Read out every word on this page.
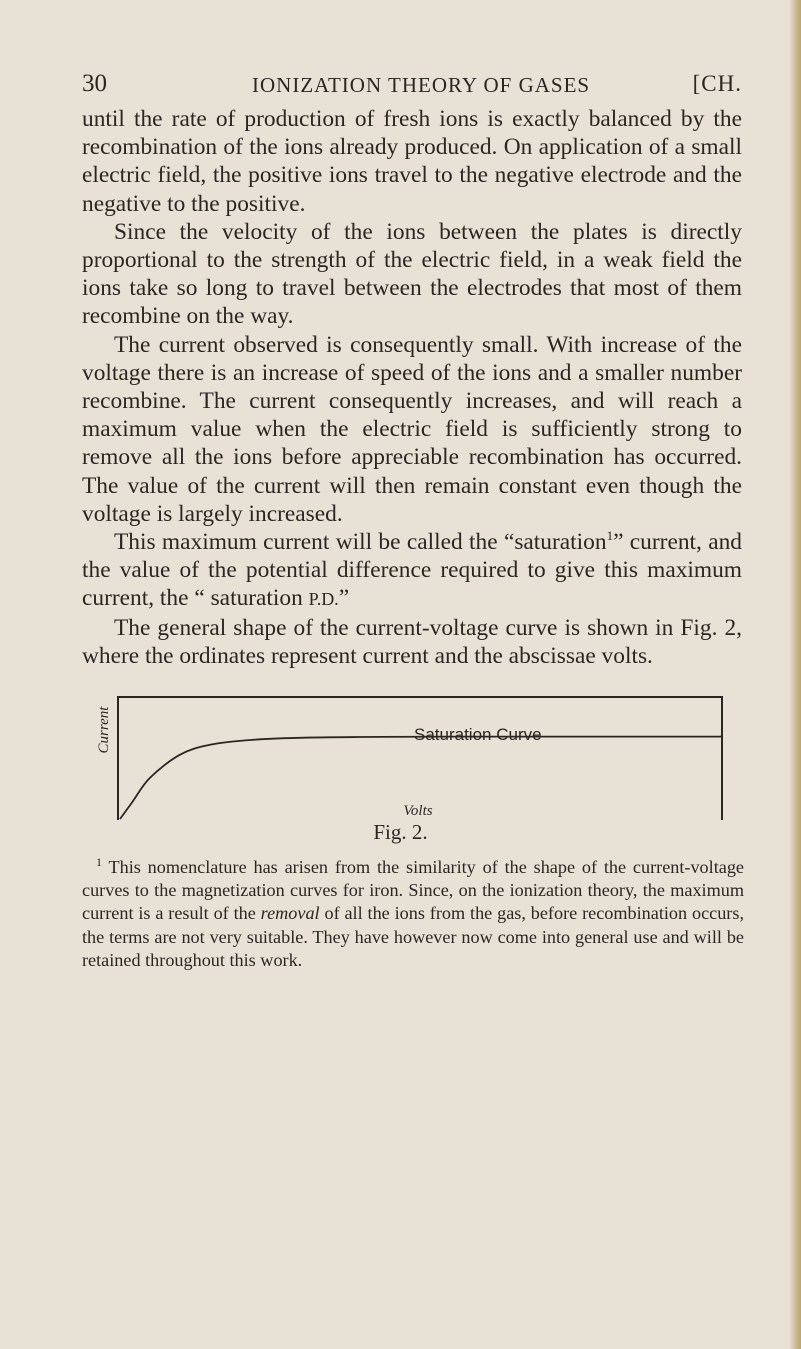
30	IONIZATION THEORY OF GASES	[CH.

until the rate of production of fresh ions is exactly balanced by the recombination of the ions already produced. On application of a small electric field, the positive ions travel to the negative electrode and the negative to the positive.

Since the velocity of the ions between the plates is directly proportional to the strength of the electric field, in a weak field the ions take so long to travel between the electrodes that most of them recombine on the way.

The current observed is consequently small. With increase of the voltage there is an increase of speed of the ions and a smaller number recombine. The current consequently increases, and will reach a maximum value when the electric field is sufficiently strong to remove all the ions before appreciable recombination has occurred. The value of the current will then remain constant even though the voltage is largely increased.

This maximum current will be called the “saturation$^1$” current, and the value of the potential difference required to give this maximum current, the “ saturation P.D.”

The general shape of the current-voltage curve is shown in Fig. 2, where the ordinates represent current and the abscissae volts.

Saturation Curve
Current
Volts
Fig. 2.

$^1$ This nomenclature has arisen from the similarity of the shape of the current-voltage curves to the magnetization curves for iron. Since, on the ionization theory, the maximum current is a result of the removal of all the ions from the gas, before recombination occurs, the terms are not very suitable. They have however now come into general use and will be retained throughout this work.
